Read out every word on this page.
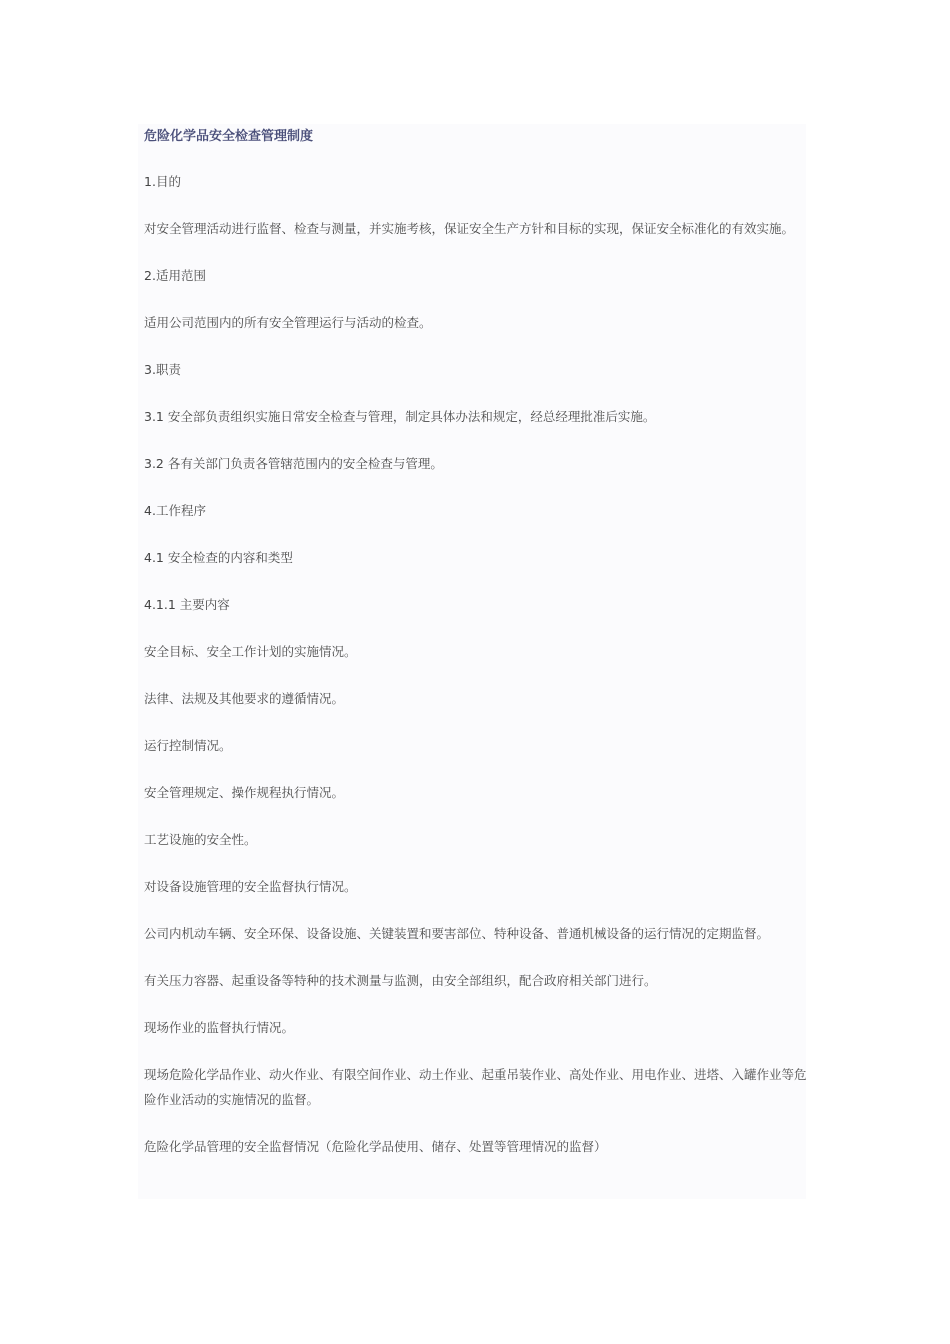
危险化学品安全检查管理制度

1.目的

对安全管理活动进行监督、检查与测量，并实施考核，保证安全生产方针和目标的实现，保证安全标准化的有效实施。

2.适用范围

适用公司范围内的所有安全管理运行与活动的检查。

3.职责

3.1 安全部负责组织实施日常安全检查与管理，制定具体办法和规定，经总经理批准后实施。

3.2 各有关部门负责各管辖范围内的安全检查与管理。

4.工作程序

4.1 安全检查的内容和类型

4.1.1 主要内容

安全目标、安全工作计划的实施情况。

法律、法规及其他要求的遵循情况。

运行控制情况。

安全管理规定、操作规程执行情况。

工艺设施的安全性。

对设备设施管理的安全监督执行情况。

公司内机动车辆、安全环保、设备设施、关键装置和要害部位、特种设备、普通机械设备的运行情况的定期监督。

有关压力容器、起重设备等特种的技术测量与监测，由安全部组织，配合政府相关部门进行。

现场作业的监督执行情况。

现场危险化学品作业、动火作业、有限空间作业、动土作业、起重吊装作业、高处作业、用电作业、进塔、入罐作业等危险作业活动的实施情况的监督。

危险化学品管理的安全监督情况（危险化学品使用、储存、处置等管理情况的监督）
